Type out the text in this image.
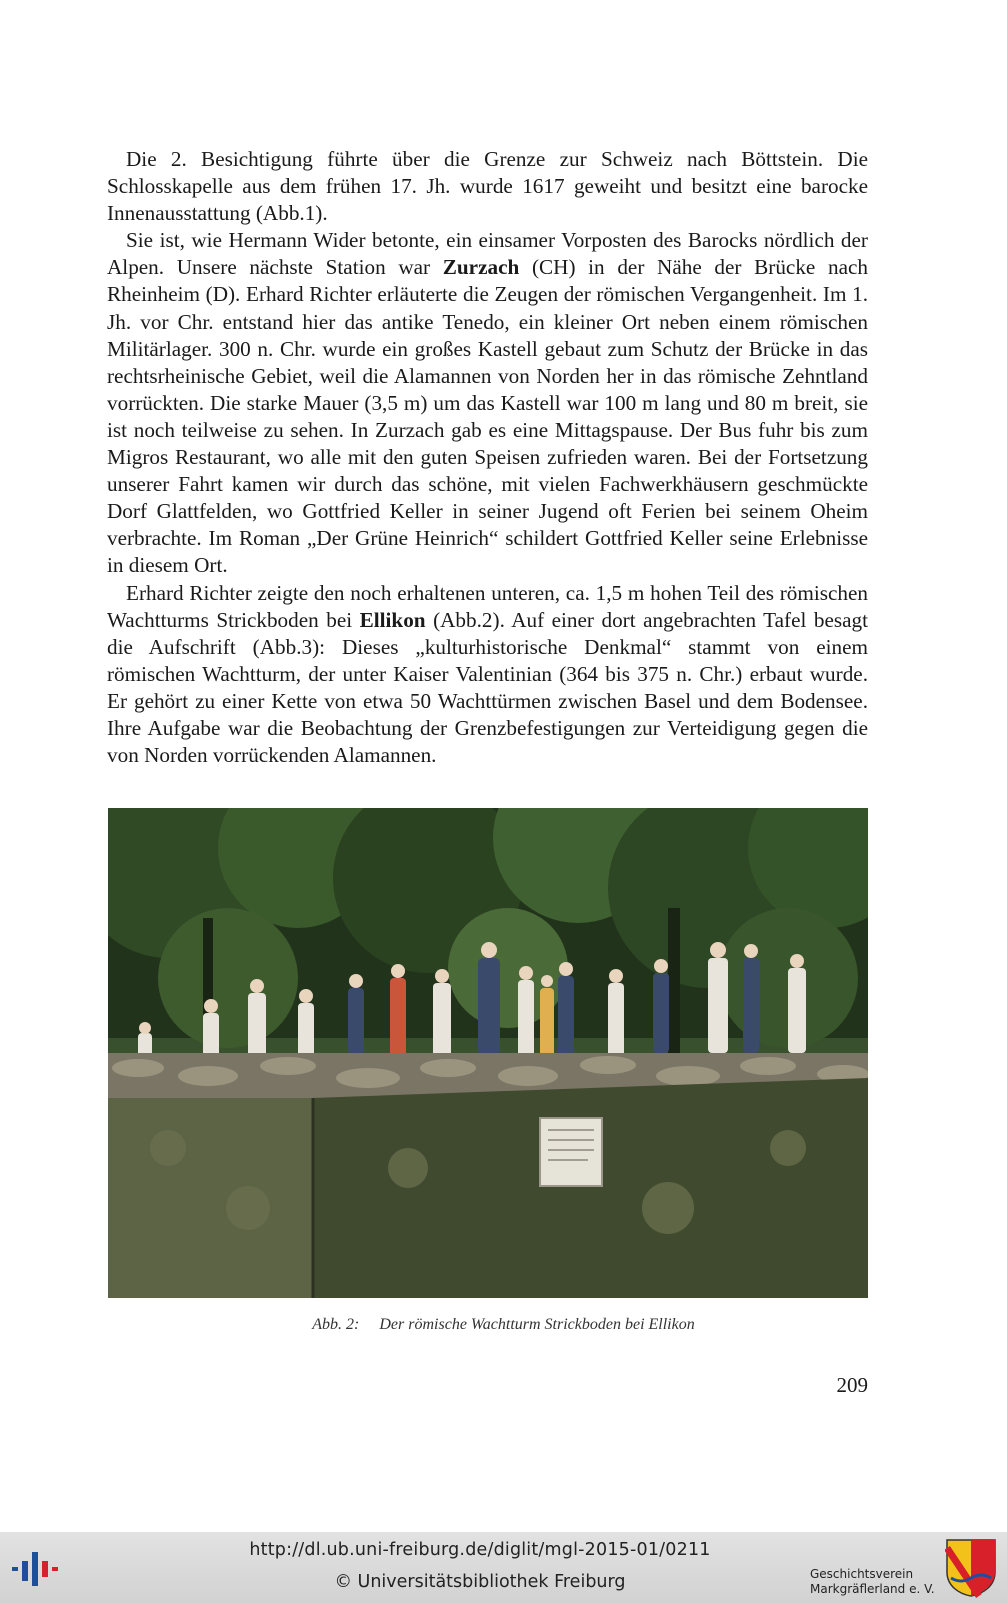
Die 2. Besichtigung führte über die Grenze zur Schweiz nach Böttstein. Die Schlosskapelle aus dem frühen 17. Jh. wurde 1617 geweiht und besitzt eine barocke Innenausstattung (Abb.1).

Sie ist, wie Hermann Wider betonte, ein einsamer Vorposten des Barocks nördlich der Alpen. Unsere nächste Station war Zurzach (CH) in der Nähe der Brücke nach Rheinheim (D). Erhard Richter erläuterte die Zeugen der römischen Vergangenheit. Im 1. Jh. vor Chr. entstand hier das antike Tenedo, ein kleiner Ort neben einem römischen Militärlager. 300 n. Chr. wurde ein großes Kastell gebaut zum Schutz der Brücke in das rechtsrheinische Gebiet, weil die Alamannen von Norden her in das römische Zehntland vorrückten. Die starke Mauer (3,5 m) um das Kastell war 100 m lang und 80 m breit, sie ist noch teilweise zu sehen. In Zurzach gab es eine Mittagspause. Der Bus fuhr bis zum Migros Restaurant, wo alle mit den guten Speisen zufrieden waren. Bei der Fortsetzung unserer Fahrt kamen wir durch das schöne, mit vielen Fachwerkhäusern geschmückte Dorf Glattfelden, wo Gottfried Keller in seiner Jugend oft Ferien bei seinem Oheim verbrachte. Im Roman „Der Grüne Heinrich“ schildert Gottfried Keller seine Erlebnisse in diesem Ort.

Erhard Richter zeigte den noch erhaltenen unteren, ca. 1,5 m hohen Teil des römischen Wachtturms Strickboden bei Ellikon (Abb.2). Auf einer dort angebrachten Tafel besagt die Aufschrift (Abb.3): Dieses „kulturhistorische Denkmal“ stammt von einem römischen Wachtturm, der unter Kaiser Valentinian (364 bis 375 n. Chr.) erbaut wurde. Er gehört zu einer Kette von etwa 50 Wachttürmen zwischen Basel und dem Bodensee. Ihre Aufgabe war die Beobachtung der Grenzbefestigungen zur Verteidigung gegen die von Norden vorrückenden Alamannen.

Abb. 2: Der römische Wachtturm Strickboden bei Ellikon
209
http://dl.ub.uni-freiburg.de/diglit/mgl-2015-01/0211
© Universitätsbibliothek Freiburg	Geschichtsverein
Markgräflerland e. V.
